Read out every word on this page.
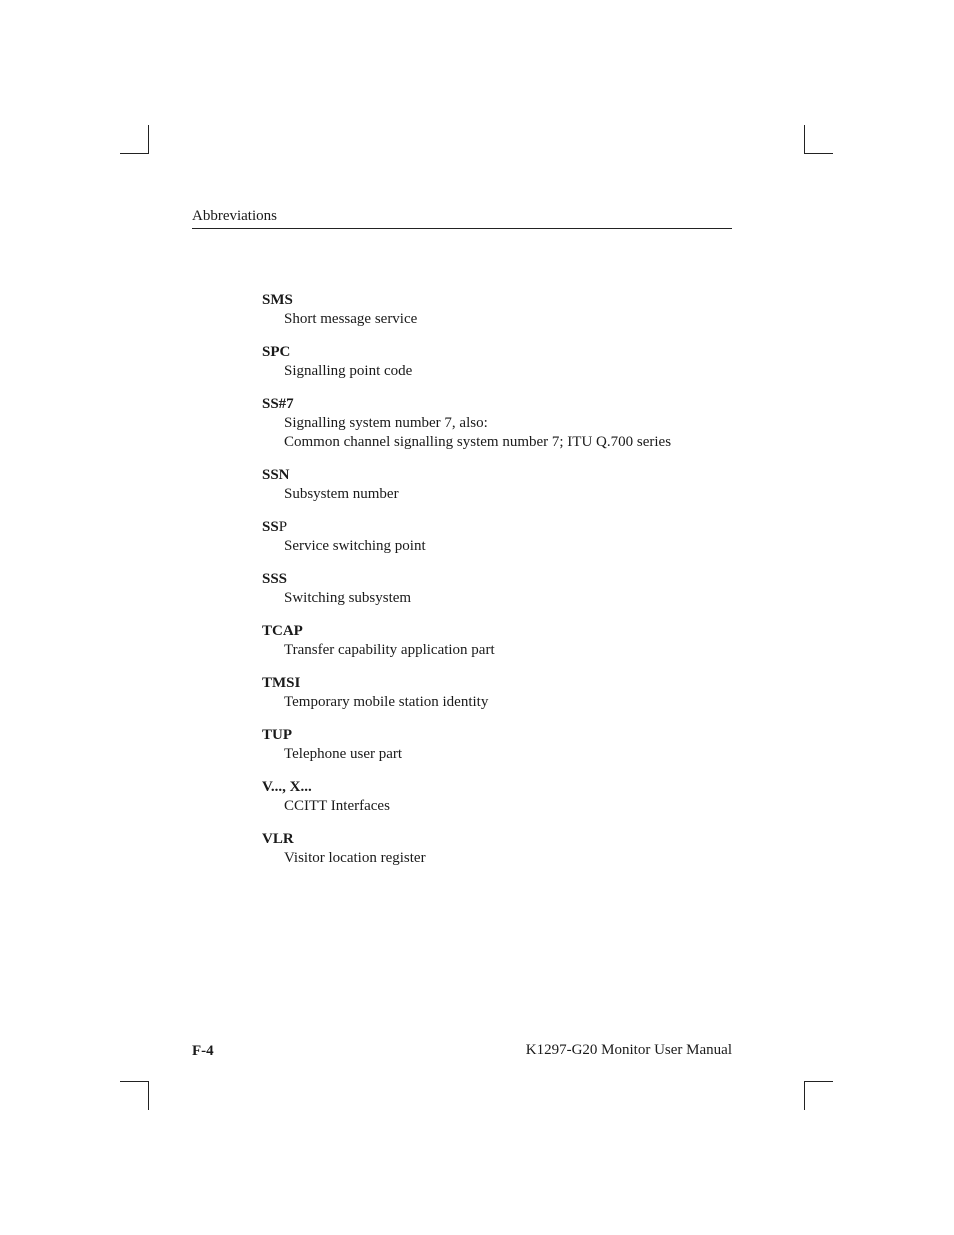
Abbreviations
SMS
Short message service
SPC
Signalling point code
SS#7
Signalling system number 7, also:
Common channel signalling system number 7; ITU Q.700 series
SSN
Subsystem number
SSP
Service switching point
SSS
Switching subsystem
TCAP
Transfer capability application part
TMSI
Temporary mobile station identity
TUP
Telephone user part
V..., X...
CCITT Interfaces
VLR
Visitor location register
F-4	K1297-G20 Monitor User Manual
